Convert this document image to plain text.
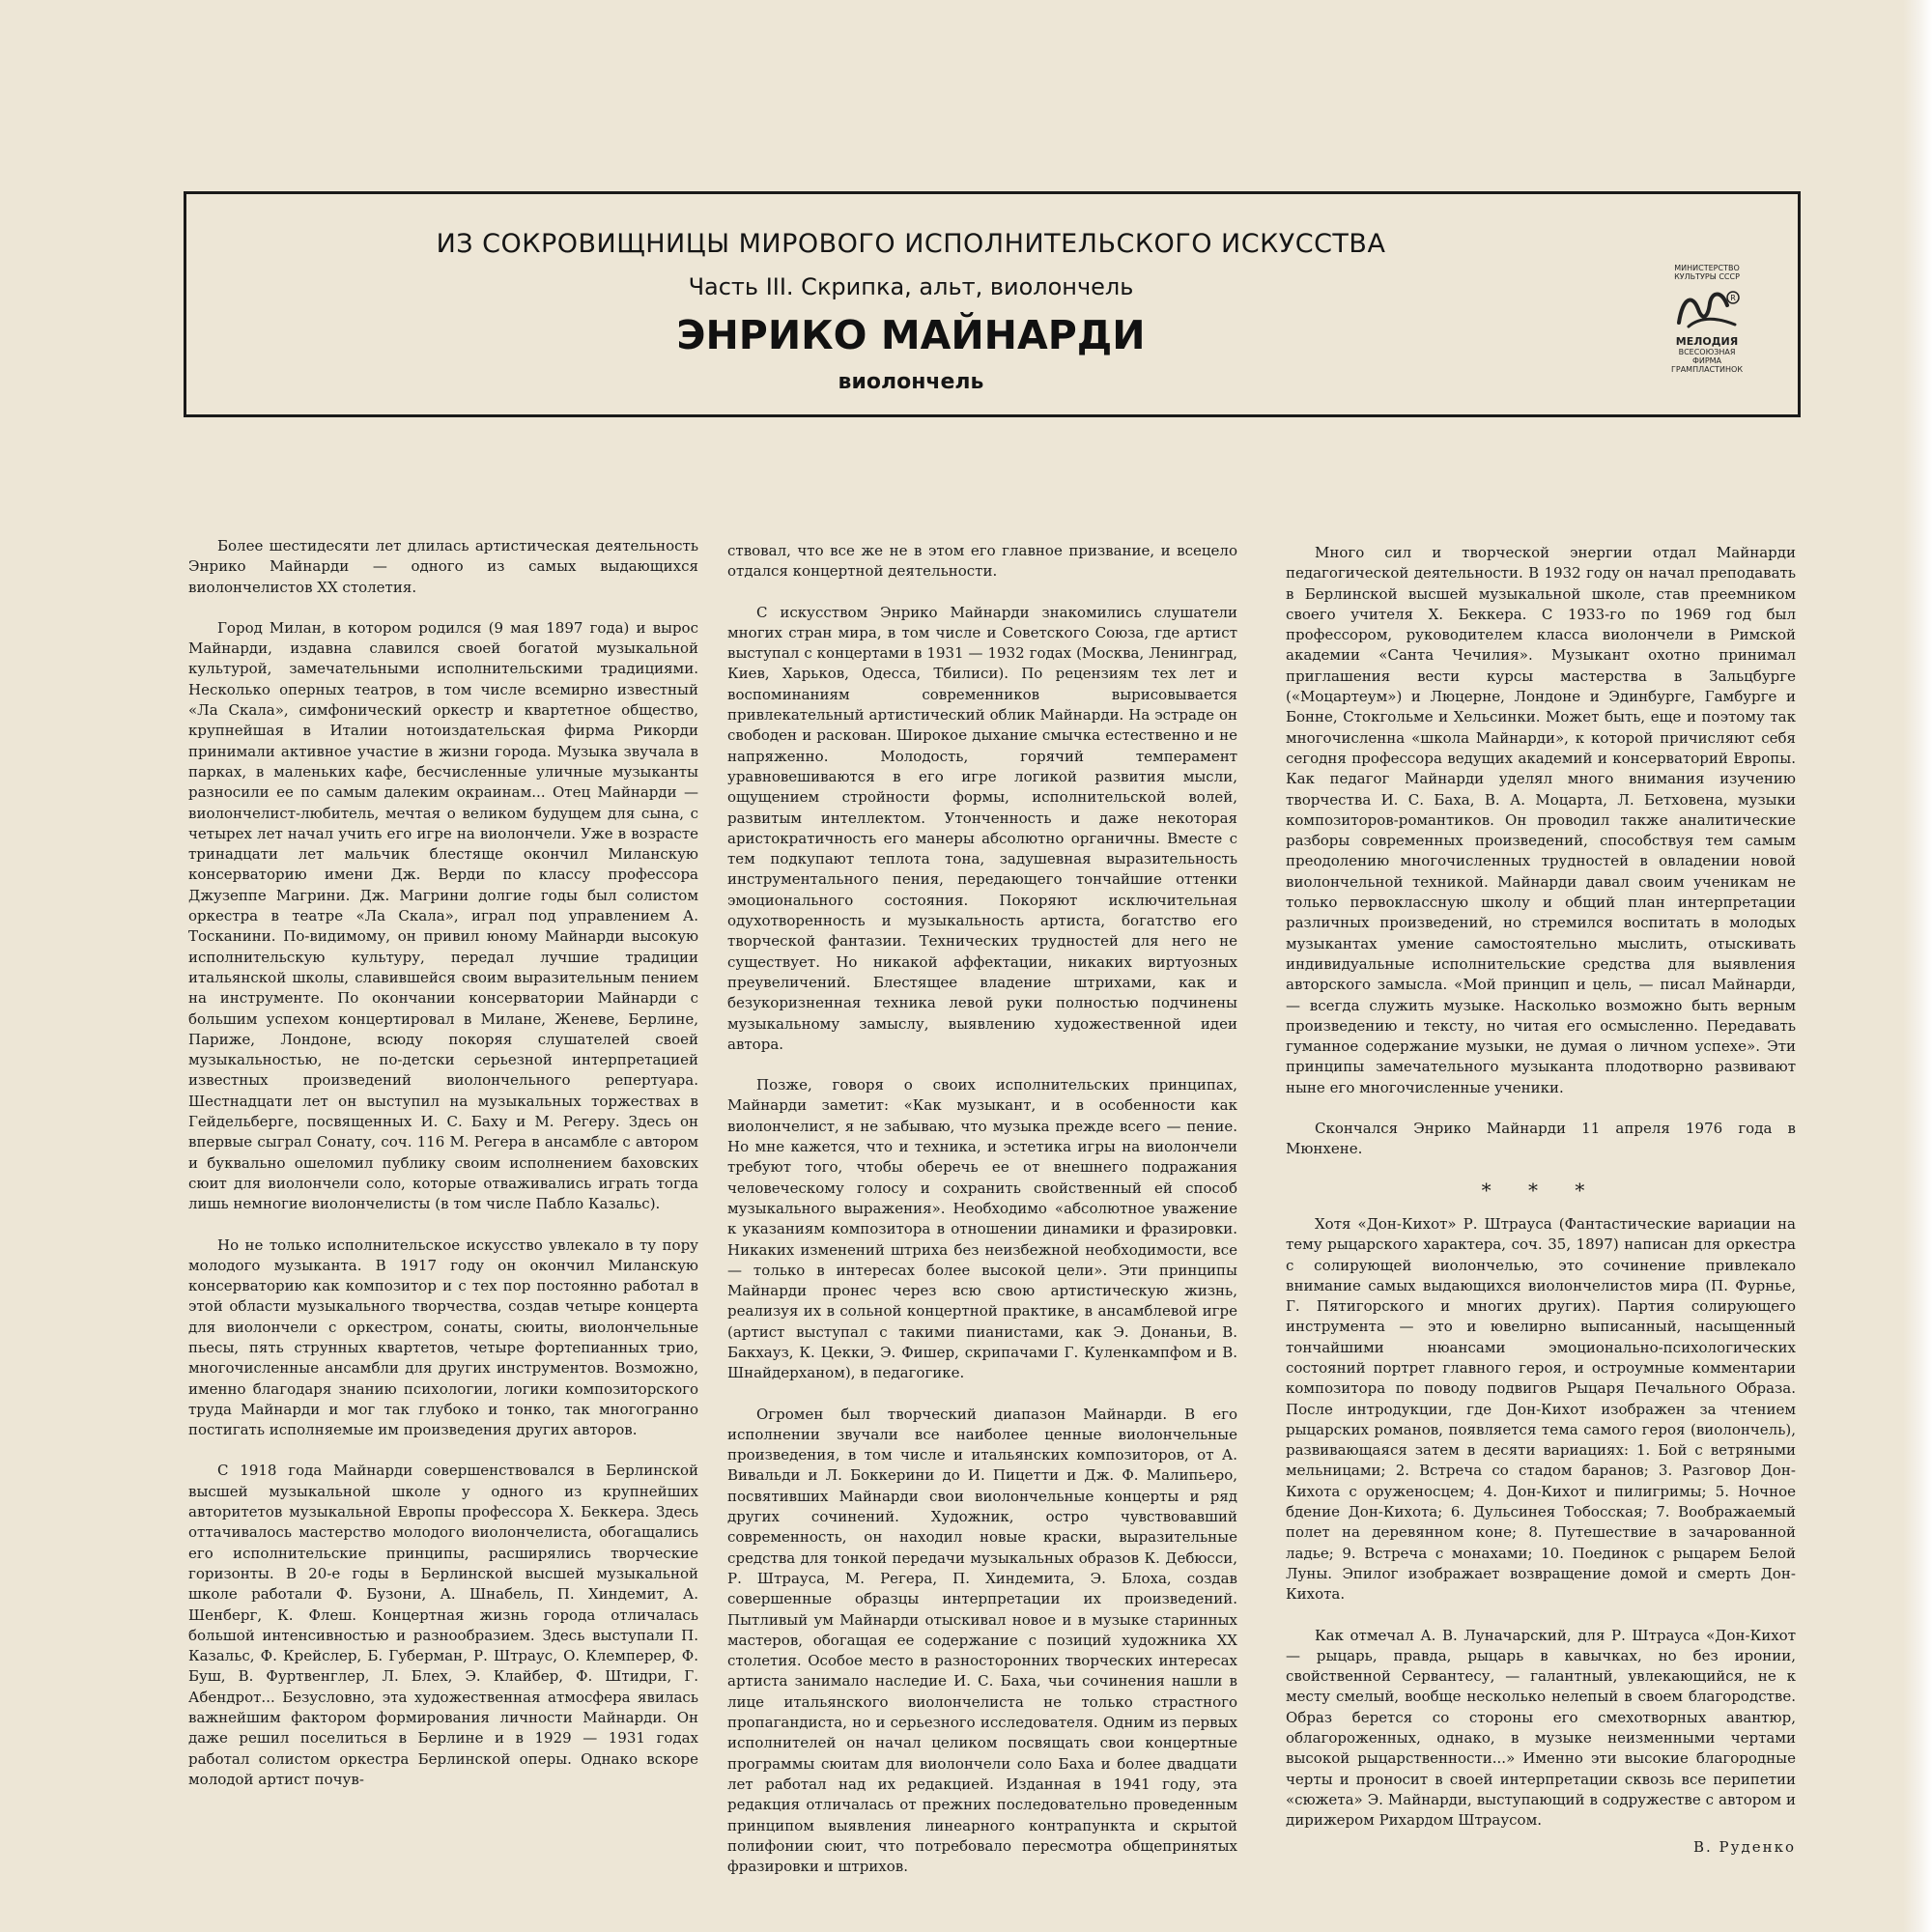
ИЗ СОКРОВИЩНИЦЫ МИРОВОГО ИСПОЛНИТЕЛЬСКОГО ИСКУССТВА
Часть III. Скрипка, альт, виолончель
ЭНРИКО МАЙНАРДИ
виолончель
МИНИСТЕРСТВО
КУЛЬТУРЫ СССР
R
МЕЛОДИЯ
ВСЕСОЮЗНАЯ
ФИРМА
ГРАМПЛАСТИНОК

Более шестидесяти лет длилась артистическая деятельность Энрико Майнарди — одного из самых выдающихся виолончелистов XX столетия.

Город Милан, в котором родился (9 мая 1897 года) и вырос Майнарди, издавна славился своей богатой музыкальной культурой, замечательными исполнительскими традициями. Несколько оперных театров, в том числе всемирно известный «Ла Скала», симфонический оркестр и квартетное общество, крупнейшая в Италии нотоиздательская фирма Рикорди принимали активное участие в жизни города. Музыка звучала в парках, в маленьких кафе, бесчисленные уличные музыканты разносили ее по самым далеким окраинам... Отец Майнарди — виолончелист-любитель, мечтая о великом будущем для сына, с четырех лет начал учить его игре на виолончели. Уже в возрасте тринадцати лет мальчик блестяще окончил Миланскую консерваторию имени Дж. Верди по классу профессора Джузеппе Магрини. Дж. Магрини долгие годы был солистом оркестра в театре «Ла Скала», играл под управлением А. Тосканини. По-видимому, он привил юному Майнарди высокую исполнительскую культуру, передал лучшие традиции итальянской школы, славившейся своим выразительным пением на инструменте. По окончании консерватории Майнарди с большим успехом концертировал в Милане, Женеве, Берлине, Париже, Лондоне, всюду покоряя слушателей своей музыкальностью, не по-детски серьезной интерпретацией известных произведений виолончельного репертуара. Шестнадцати лет он выступил на музыкальных торжествах в Гейдельберге, посвященных И. С. Баху и М. Регеру. Здесь он впервые сыграл Сонату, соч. 116 М. Регера в ансамбле с автором и буквально ошеломил публику своим исполнением баховских сюит для виолончели соло, которые отваживались играть тогда лишь немногие виолончелисты (в том числе Пабло Казальс).

Но не только исполнительское искусство увлекало в ту пору молодого музыканта. В 1917 году он окончил Миланскую консерваторию как композитор и с тех пор постоянно работал в этой области музыкального творчества, создав четыре концерта для виолончели с оркестром, сонаты, сюиты, виолончельные пьесы, пять струнных квартетов, четыре фортепианных трио, многочисленные ансамбли для других инструментов. Возможно, именно благодаря знанию психологии, логики композиторского труда Майнарди и мог так глубоко и тонко, так многогранно постигать исполняемые им произведения других авторов.

С 1918 года Майнарди совершенствовался в Берлинской высшей музыкальной школе у одного из крупнейших авторитетов музыкальной Европы профессора Х. Беккера. Здесь оттачивалось мастерство молодого виолончелиста, обогащались его исполнительские принципы, расширялись творческие горизонты. В 20-е годы в Берлинской высшей музыкальной школе работали Ф. Бузони, А. Шнабель, П. Хиндемит, А. Шенберг, К. Флеш. Концертная жизнь города отличалась большой интенсивностью и разнообразием. Здесь выступали П. Казальс, Ф. Крейслер, Б. Губерман, Р. Штраус, О. Клемперер, Ф. Буш, В. Фуртвенглер, Л. Блех, Э. Клайбер, Ф. Штидри, Г. Абендрот... Безусловно, эта художественная атмосфера явилась важнейшим фактором формирования личности Майнарди. Он даже решил поселиться в Берлине и в 1929 — 1931 годах работал солистом оркестра Берлинской оперы. Однако вскоре молодой артист почув-

ствовал, что все же не в этом его главное призвание, и всецело отдался концертной деятельности.

С искусством Энрико Майнарди знакомились слушатели многих стран мира, в том числе и Советского Союза, где артист выступал с концертами в 1931 — 1932 годах (Москва, Ленинград, Киев, Харьков, Одесса, Тбилиси). По рецензиям тех лет и воспоминаниям современников вырисовывается привлекательный артистический облик Майнарди. На эстраде он свободен и раскован. Широкое дыхание смычка естественно и не напряженно. Молодость, горячий темперамент уравновешиваются в его игре логикой развития мысли, ощущением стройности формы, исполнительской волей, развитым интеллектом. Утонченность и даже некоторая аристократичность его манеры абсолютно органичны. Вместе с тем подкупают теплота тона, задушевная выразительность инструментального пения, передающего тончайшие оттенки эмоционального состояния. Покоряют исключительная одухотворенность и музыкальность артиста, богатство его творческой фантазии. Технических трудностей для него не существует. Но никакой аффектации, никаких виртуозных преувеличений. Блестящее владение штрихами, как и безукоризненная техника левой руки полностью подчинены музыкальному замыслу, выявлению художественной идеи автора.

Позже, говоря о своих исполнительских принципах, Майнарди заметит: «Как музыкант, и в особенности как виолончелист, я не забываю, что музыка прежде всего — пение. Но мне кажется, что и техника, и эстетика игры на виолончели требуют того, чтобы оберечь ее от внешнего подражания человеческому голосу и сохранить свойственный ей способ музыкального выражения». Необходимо «абсолютное уважение к указаниям композитора в отношении динамики и фразировки. Никаких изменений штриха без неизбежной необходимости, все — только в интересах более высокой цели». Эти принципы Майнарди пронес через всю свою артистическую жизнь, реализуя их в сольной концертной практике, в ансамблевой игре (артист выступал с такими пианистами, как Э. Донаньи, В. Бакхауз, К. Цекки, Э. Фишер, скрипачами Г. Куленкампфом и В. Шнайдерханом), в педагогике.

Огромен был творческий диапазон Майнарди. В его исполнении звучали все наиболее ценные виолончельные произведения, в том числе и итальянских композиторов, от А. Вивальди и Л. Боккерини до И. Пицетти и Дж. Ф. Малипьеро, посвятивших Майнарди свои виолончельные концерты и ряд других сочинений. Художник, остро чувствовавший современность, он находил новые краски, выразительные средства для тонкой передачи музыкальных образов К. Дебюсси, Р. Штрауса, М. Регера, П. Хиндемита, Э. Блоха, создав совершенные образцы интерпретации их произведений. Пытливый ум Майнарди отыскивал новое и в музыке старинных мастеров, обогащая ее содержание с позиций художника XX столетия. Особое место в разносторонних творческих интересах артиста занимало наследие И. С. Баха, чьи сочинения нашли в лице итальянского виолончелиста не только страстного пропагандиста, но и серьезного исследователя. Одним из первых исполнителей он начал целиком посвящать свои концертные программы сюитам для виолончели соло Баха и более двадцати лет работал над их редакцией. Изданная в 1941 году, эта редакция отличалась от прежних последовательно проведенным принципом выявления линеарного контрапункта и скрытой полифонии сюит, что потребовало пересмотра общепринятых фразировки и штрихов.

Много сил и творческой энергии отдал Майнарди педагогической деятельности. В 1932 году он начал преподавать в Берлинской высшей музыкальной школе, став преемником своего учителя Х. Беккера. С 1933-го по 1969 год был профессором, руководителем класса виолончели в Римской академии «Санта Чечилия». Музыкант охотно принимал приглашения вести курсы мастерства в Зальцбурге («Моцартеум») и Люцерне, Лондоне и Эдинбурге, Гамбурге и Бонне, Стокгольме и Хельсинки. Может быть, еще и поэтому так многочисленна «школа Майнарди», к которой причисляют себя сегодня профессора ведущих академий и консерваторий Европы. Как педагог Майнарди уделял много внимания изучению творчества И. С. Баха, В. А. Моцарта, Л. Бетховена, музыки композиторов-романтиков. Он проводил также аналитические разборы современных произведений, способствуя тем самым преодолению многочисленных трудностей в овладении новой виолончельной техникой. Майнарди давал своим ученикам не только первоклассную школу и общий план интерпретации различных произведений, но стремился воспитать в молодых музыкантах умение самостоятельно мыслить, отыскивать индивидуальные исполнительские средства для выявления авторского замысла. «Мой принцип и цель, — писал Майнарди, — всегда служить музыке. Насколько возможно быть верным произведению и тексту, но читая его осмысленно. Передавать гуманное содержание музыки, не думая о личном успехе». Эти принципы замечательного музыканта плодотворно развивают ныне его многочисленные ученики.

Скончался Энрико Майнарди 11 апреля 1976 года в Мюнхене.

* * *

Хотя «Дон-Кихот» Р. Штрауса (Фантастические вариации на тему рыцарского характера, соч. 35, 1897) написан для оркестра с солирующей виолончелью, это сочинение привлекало внимание самых выдающихся виолончелистов мира (П. Фурнье, Г. Пятигорского и многих других). Партия солирующего инструмента — это и ювелирно выписанный, насыщенный тончайшими нюансами эмоционально-психологических состояний портрет главного героя, и остроумные комментарии композитора по поводу подвигов Рыцаря Печального Образа. После интродукции, где Дон-Кихот изображен за чтением рыцарских романов, появляется тема самого героя (виолончель), развивающаяся затем в десяти вариациях: 1. Бой с ветряными мельницами; 2. Встреча со стадом баранов; 3. Разговор Дон-Кихота с оруженосцем; 4. Дон-Кихот и пилигримы; 5. Ночное бдение Дон-Кихота; 6. Дульсинея Тобосская; 7. Воображаемый полет на деревянном коне; 8. Путешествие в зачарованной ладье; 9. Встреча с монахами; 10. Поединок с рыцарем Белой Луны. Эпилог изображает возвращение домой и смерть Дон-Кихота.

Как отмечал А. В. Луначарский, для Р. Штрауса «Дон-Кихот — рыцарь, правда, рыцарь в кавычках, но без иронии, свойственной Сервантесу, — галантный, увлекающийся, не к месту смелый, вообще несколько нелепый в своем благородстве. Образ берется со стороны его смехотворных авантюр, облагороженных, однако, в музыке неизменными чертами высокой рыцарственности...» Именно эти высокие благородные черты и проносит в своей интерпретации сквозь все перипетии «сюжета» Э. Майнарди, выступающий в содружестве с автором и дирижером Рихардом Штраусом.

В. Руденко
